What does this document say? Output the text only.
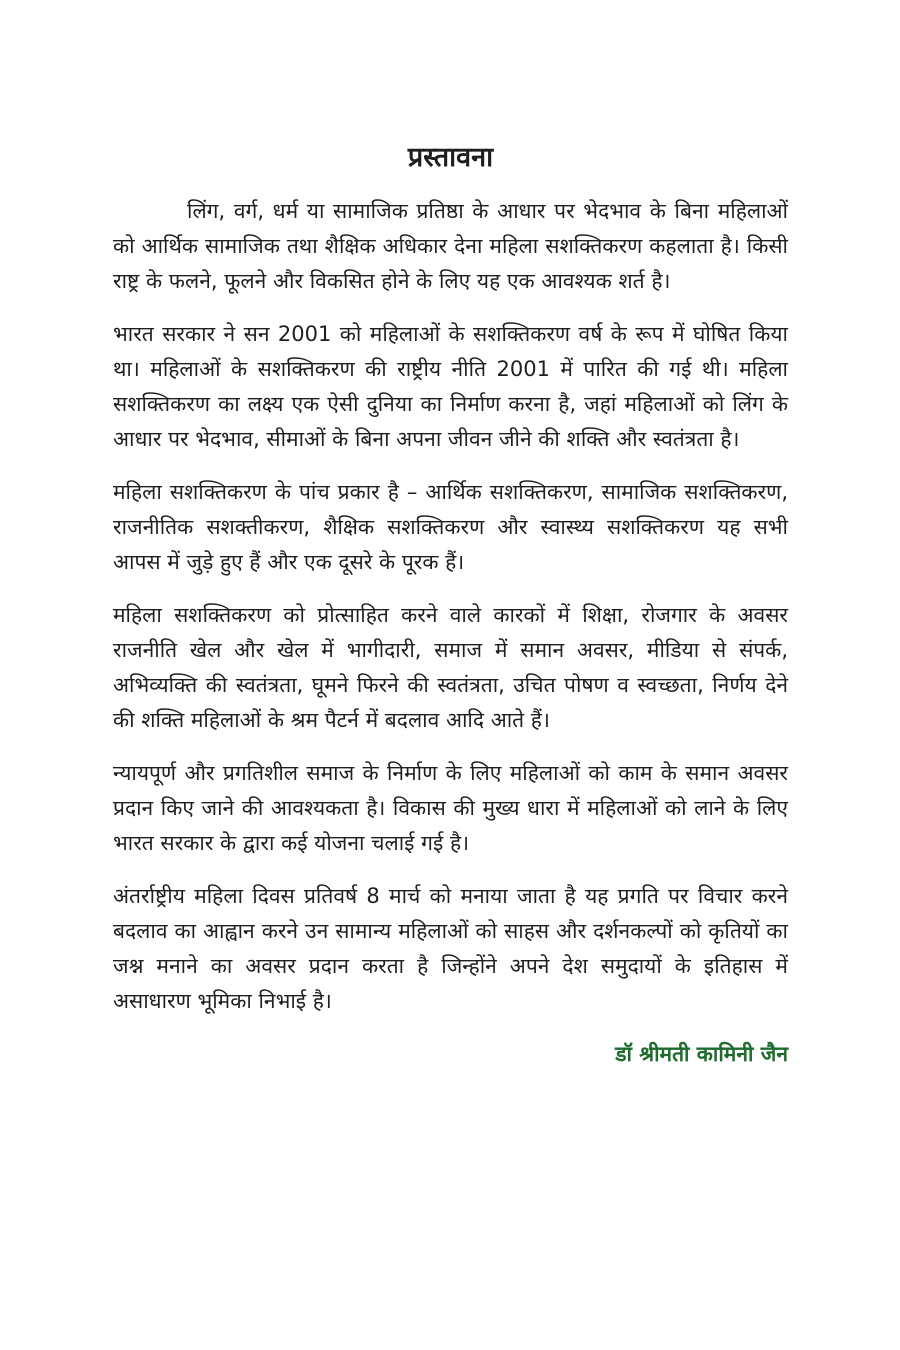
प्रस्तावना

लिंग, वर्ग, धर्म या सामाजिक प्रतिष्ठा के आधार पर भेदभाव के बिना महिलाओं को आर्थिक सामाजिक तथा शैक्षिक अधिकार देना महिला सशक्तिकरण कहलाता है। किसी राष्ट्र के फलने, फूलने और विकसित होने के लिए यह एक आवश्यक शर्त है।

भारत सरकार ने सन 2001 को महिलाओं के सशक्तिकरण वर्ष के रूप में घोषित किया था। महिलाओं के सशक्तिकरण की राष्ट्रीय नीति 2001 में पारित की गई थी। महिला सशक्तिकरण का लक्ष्य एक ऐसी दुनिया का निर्माण करना है, जहां महिलाओं को लिंग के आधार पर भेदभाव, सीमाओं के बिना अपना जीवन जीने की शक्ति और स्वतंत्रता है।

महिला सशक्तिकरण के पांच प्रकार है – आर्थिक सशक्तिकरण, सामाजिक सशक्तिकरण, राजनीतिक सशक्तीकरण, शैक्षिक सशक्तिकरण और स्वास्थ्य सशक्तिकरण यह सभी आपस में जुड़े हुए हैं और एक दूसरे के पूरक हैं।

महिला सशक्तिकरण को प्रोत्साहित करने वाले कारकों में शिक्षा, रोजगार के अवसर राजनीति खेल और खेल में भागीदारी, समाज में समान अवसर, मीडिया से संपर्क, अभिव्यक्ति की स्वतंत्रता, घूमने फिरने की स्वतंत्रता, उचित पोषण व स्वच्छता, निर्णय देने की शक्ति महिलाओं के श्रम पैटर्न में बदलाव आदि आते हैं।

न्यायपूर्ण और प्रगतिशील समाज के निर्माण के लिए महिलाओं को काम के समान अवसर प्रदान किए जाने की आवश्यकता है। विकास की मुख्य धारा में महिलाओं को लाने के लिए भारत सरकार के द्वारा कई योजना चलाई गई है।

अंतर्राष्ट्रीय महिला दिवस प्रतिवर्ष 8 मार्च को मनाया जाता है यह प्रगति पर विचार करने बदलाव का आह्वान करने उन सामान्य महिलाओं को साहस और दर्शनकल्पों को कृतियों का जश्न मनाने का अवसर प्रदान करता है जिन्होंने अपने देश समुदायों के इतिहास में असाधारण भूमिका निभाई है।

डॉ श्रीमती कामिनी जैन
